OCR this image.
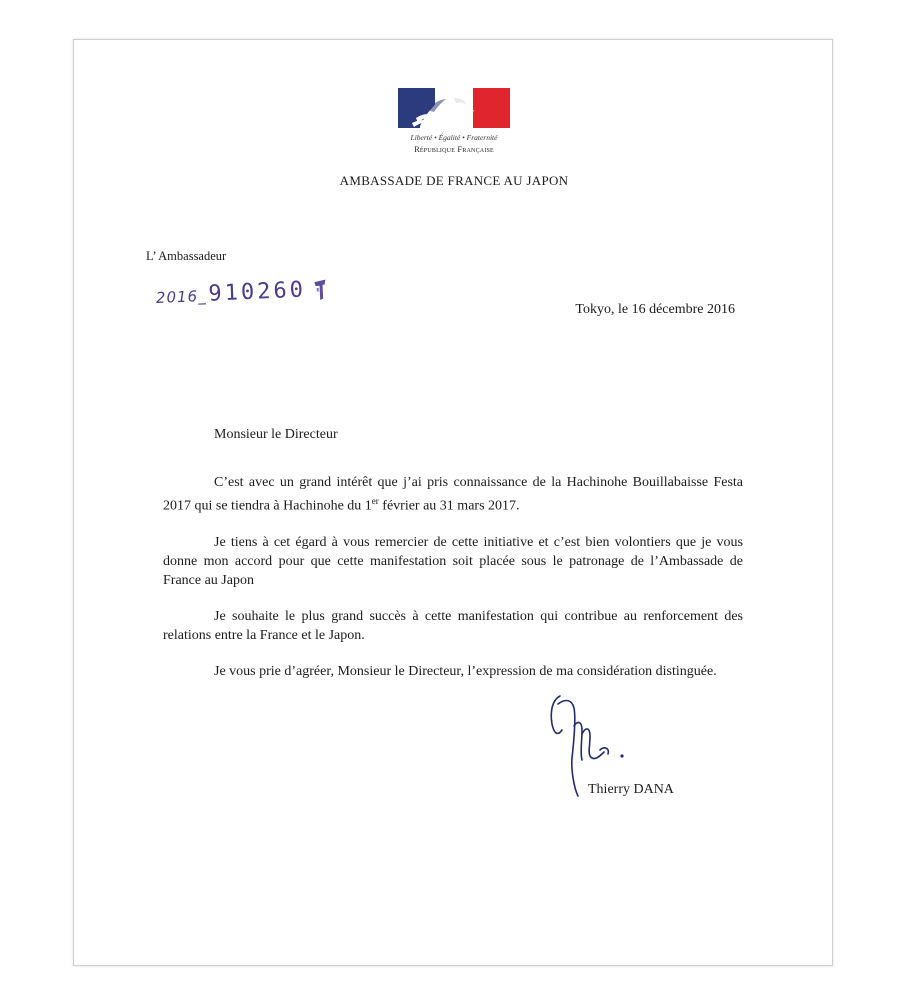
Liberté • Égalité • Fraternité
République Française
AMBASSADE DE FRANCE AU JAPON
L’ Ambassadeur
2016_910260
Tokyo, le 16 décembre 2016
Monsieur le Directeur

C’est avec un grand intérêt que j’ai pris connaissance de la Hachinohe Bouillabaisse Festa 2017 qui se tiendra à Hachinohe du 1er février au 31 mars 2017.

Je tiens à cet égard à vous remercier de cette initiative et c’est bien volontiers que je vous donne mon accord pour que cette manifestation soit placée sous le patronage de l’Ambassade de France au Japon

Je souhaite le plus grand succès à cette manifestation qui contribue au renforcement des relations entre la France et le Japon.

Je vous prie d’agréer, Monsieur le Directeur, l’expression de ma considération distinguée.

Thierry DANA
